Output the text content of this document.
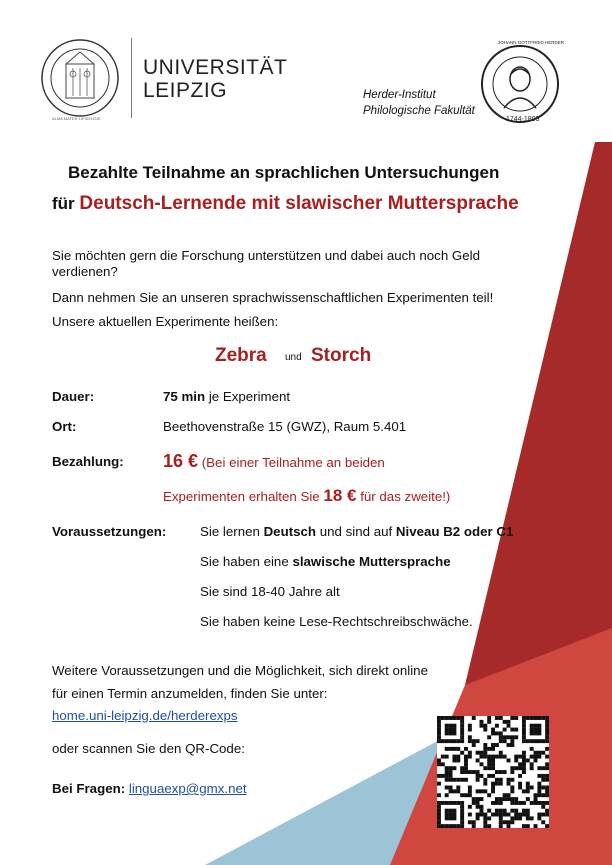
ALMA MATER LIPSIENSIS
UNIVERSITÄT
LEIPZIG	Herder-Institut
Philologische Fakultät
JOHANN GOTTFRIED HERDER
1744-1803
Bezahlte Teilnahme an sprachlichen Untersuchungen
für Deutsch-Lernende mit slawischer Muttersprache
Sie möchten gern die Forschung unterstützen und dabei auch noch Geld
verdienen?
Dann nehmen Sie an unseren sprachwissenschaftlichen Experimenten teil!
Unsere aktuellen Experimente heißen:
Zebra und Storch
Dauer:	75 min je Experiment
Ort:	Beethovenstraße 15 (GWZ), Raum 5.401
Bezahlung: 16 € (Bei einer Teilnahme an beiden
Experimenten erhalten Sie 18 € für das zweite!)
Voraussetzungen:	Sie lernen Deutsch und sind auf Niveau B2 oder C1
Sie haben eine slawische Muttersprache
Sie sind 18-40 Jahre alt
Sie haben keine Lese-Rechtschreibschwäche.
Weitere Voraussetzungen und die Möglichkeit, sich direkt online
für einen Termin anzumelden, finden Sie unter:
home.uni-leipzig.de/herderexps
oder scannen Sie den QR-Code:
Bei Fragen: linguaexp@gmx.net
